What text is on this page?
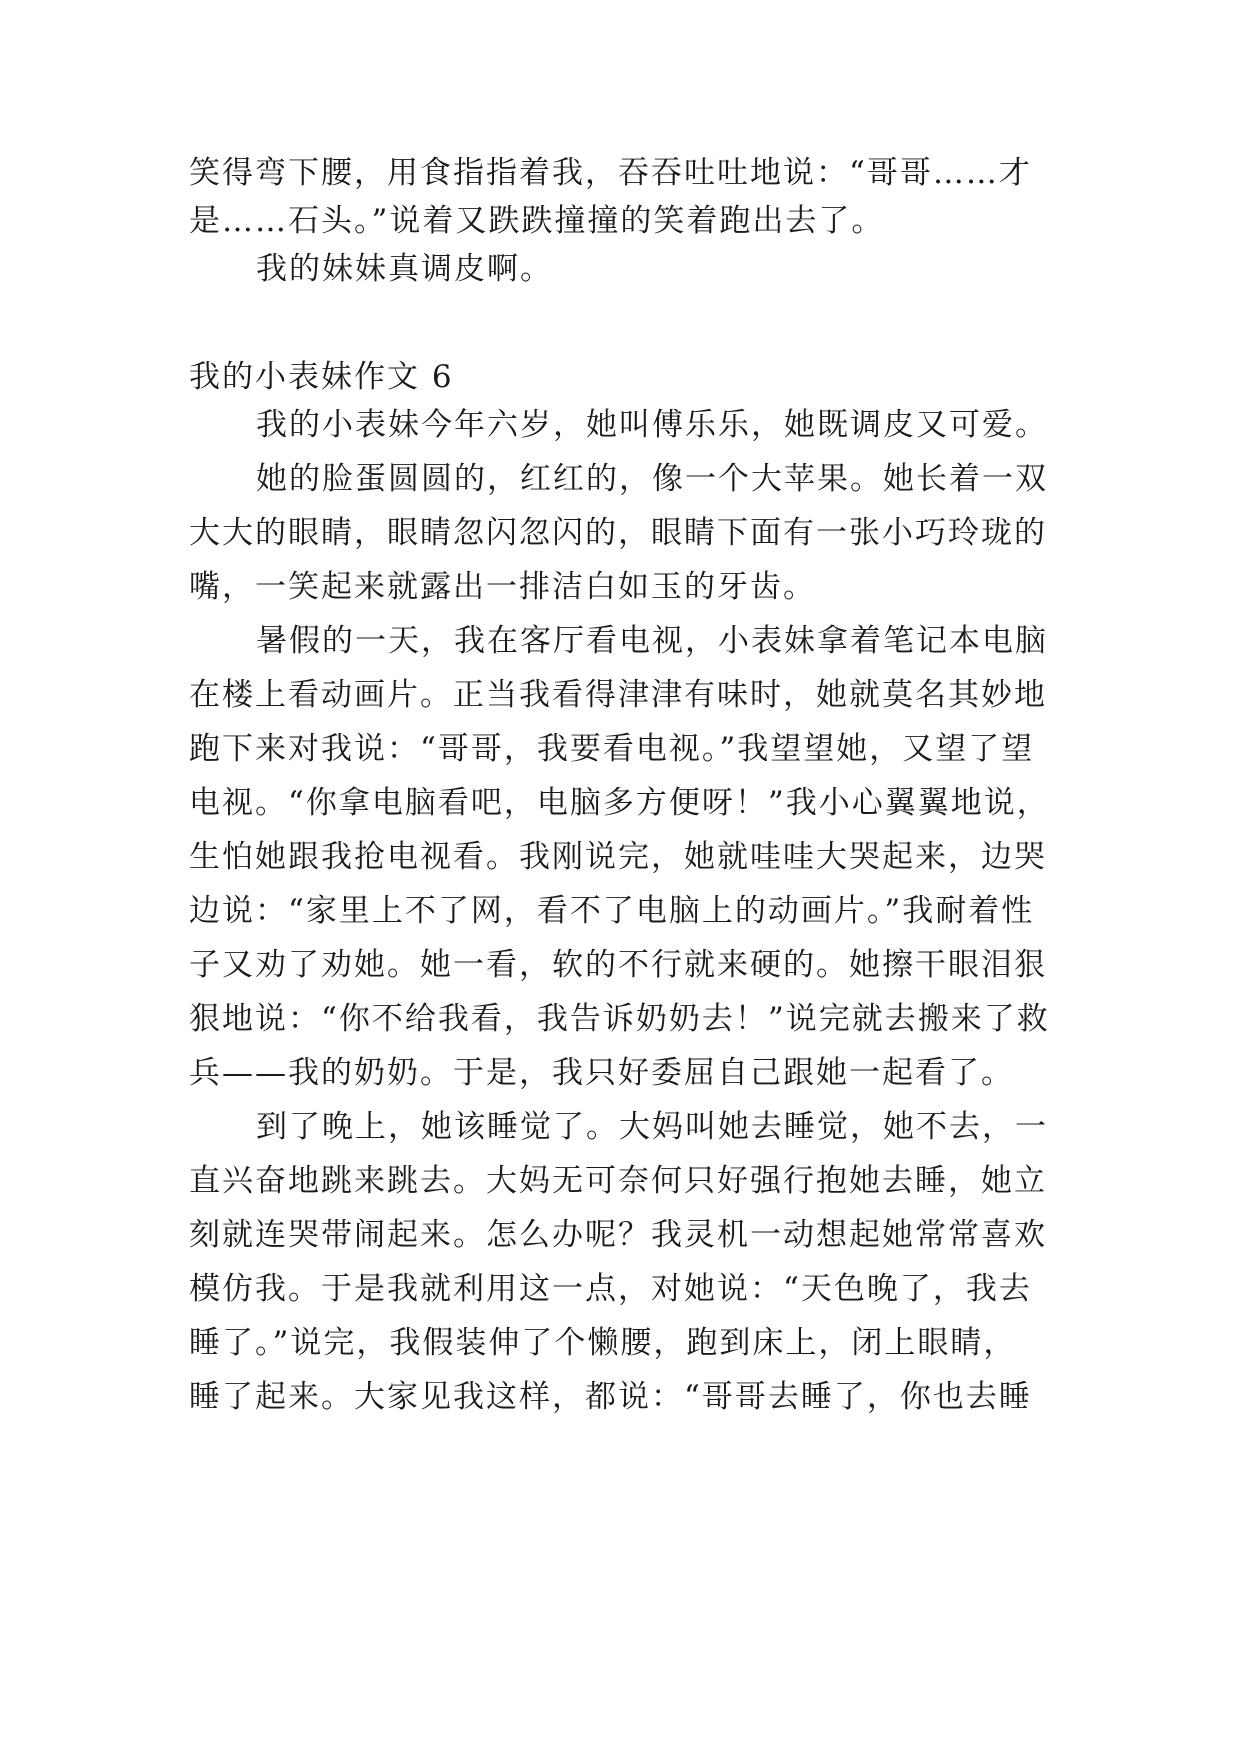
笑得弯下腰，用食指指着我，吞吞吐吐地说：“哥哥……才
是……石头。”说着又跌跌撞撞的笑着跑出去了。
我的妹妹真调皮啊。
我的小表妹作文 6
我的小表妹今年六岁，她叫傅乐乐，她既调皮又可爱。
她的脸蛋圆圆的，红红的，像一个大苹果。她长着一双
大大的眼睛，眼睛忽闪忽闪的，眼睛下面有一张小巧玲珑的
嘴，一笑起来就露出一排洁白如玉的牙齿。
暑假的一天，我在客厅看电视，小表妹拿着笔记本电脑
在楼上看动画片。正当我看得津津有味时，她就莫名其妙地
跑下来对我说：“哥哥，我要看电视。”我望望她，又望了望
电视。“你拿电脑看吧，电脑多方便呀！”我小心翼翼地说，
生怕她跟我抢电视看。我刚说完，她就哇哇大哭起来，边哭
边说：“家里上不了网，看不了电脑上的动画片。”我耐着性
子又劝了劝她。她一看，软的不行就来硬的。她擦干眼泪狠
狠地说：“你不给我看，我告诉奶奶去！”说完就去搬来了救
兵——我的奶奶。于是，我只好委屈自己跟她一起看了。
到了晚上，她该睡觉了。大妈叫她去睡觉，她不去，一
直兴奋地跳来跳去。大妈无可奈何只好强行抱她去睡，她立
刻就连哭带闹起来。怎么办呢？我灵机一动想起她常常喜欢
模仿我。于是我就利用这一点，对她说：“天色晚了，我去
睡了。”说完，我假装伸了个懒腰，跑到床上，闭上眼睛，
睡了起来。大家见我这样，都说：“哥哥去睡了，你也去睡
